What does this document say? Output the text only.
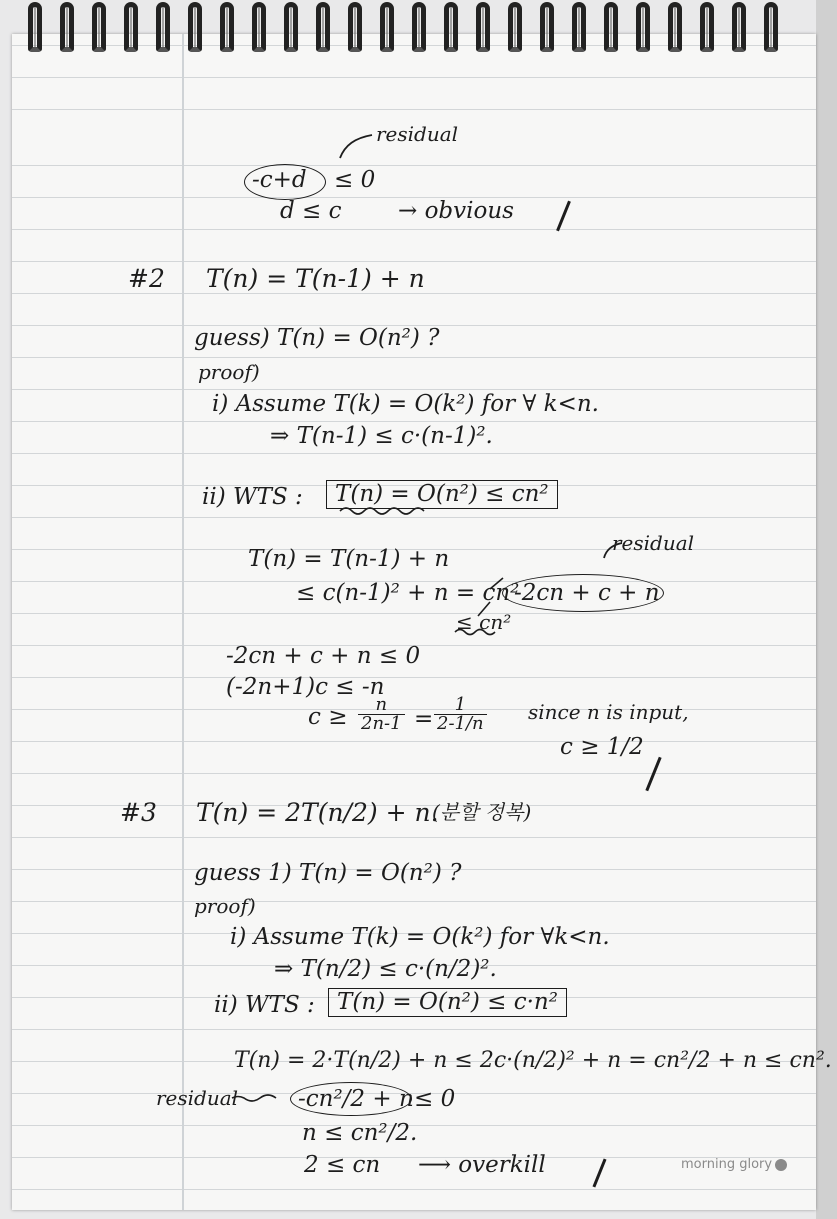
residual
-c+d ≤ 0
d ≤ c → obvious
#2 T(n) = T(n-1) + n
guess) T(n) = O(n²) ?
proof)
i) Assume T(k) = O(k²) for ∀ k<n.
⇒ T(n-1) ≤ c·(n-1)².
ii) WTS :	T(n) = O(n²) ≤ cn²
T(n) = T(n-1) + n
residual
≤ c(n-1)² + n = cn²
-2cn + c + n
≤ cn²
-2cn + c + n ≤ 0
(-2n+1)c ≤ -n
$c \ge \frac{n}{2n-1} = \frac{1}{2-1/n}$ since n is input,
c ≥ 1/2
#3 T(n) = 2T(n/2) + n.
(분할 정복)
guess 1) T(n) = O(n²) ?
proof)
i) Assume T(k) = O(k²) for ∀k<n.
⇒ T(n/2) ≤ c·(n/2)².
ii) WTS : T(n) = O(n²) ≤ c·n²
T(n) = 2·T(n/2) + n ≤ 2c·(n/2)² + n = cn²/2 + n ≤ cn².
residual	-cn²/2 + n ≤ 0
n ≤ cn²/2.
2 ≤ cn ⟶ overkill	morning glory
